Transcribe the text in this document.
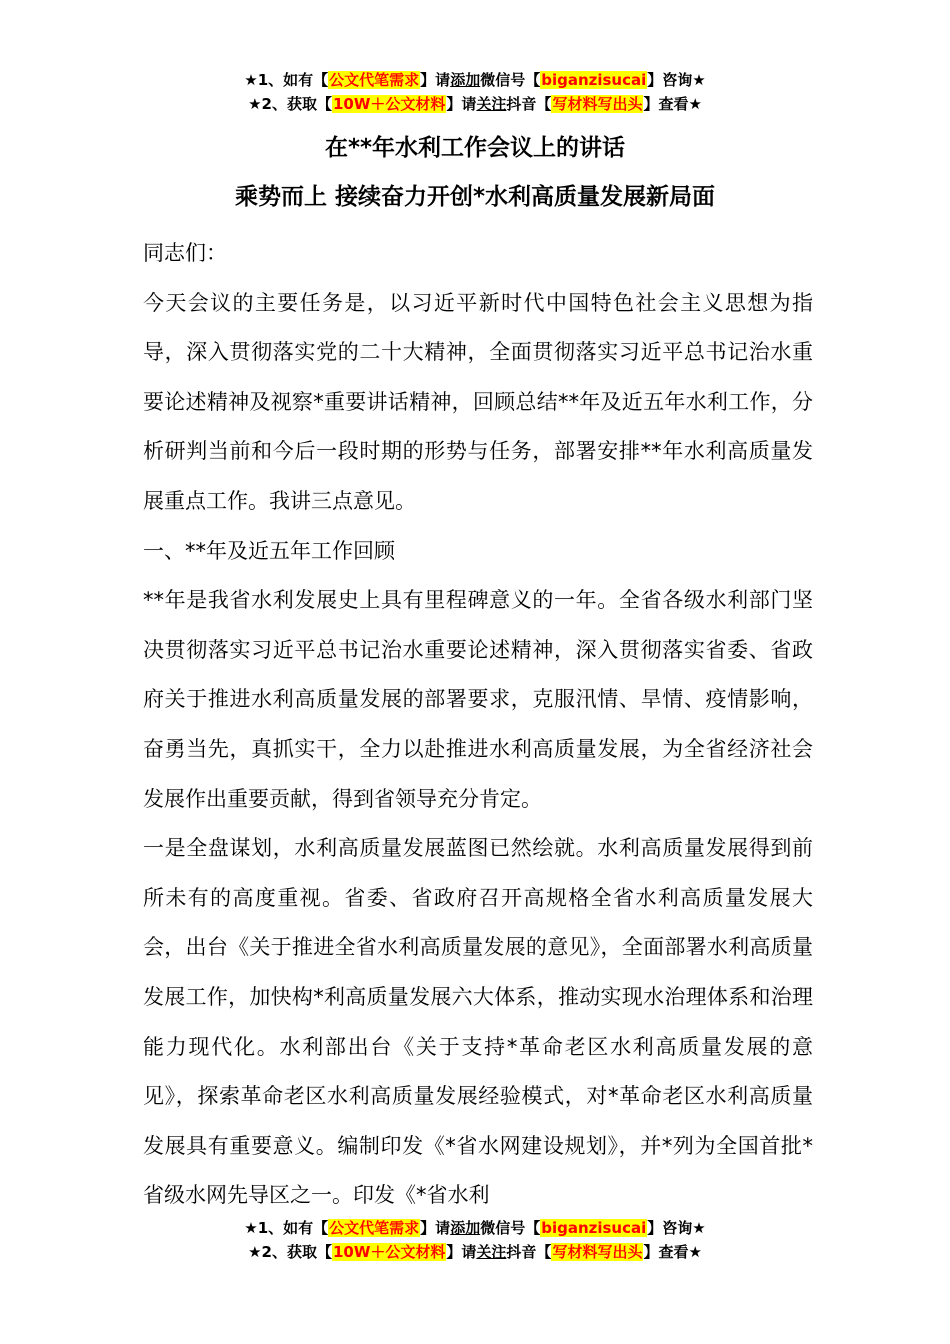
★1、如有【公文代笔需求】请添加微信号【biganzisucai】咨询★
★2、获取【10W＋公文材料】请关注抖音【写材料写出头】查看★
在**年水利工作会议上的讲话
乘势而上 接续奋力开创*水利高质量发展新局面

同志们：

今天会议的主要任务是，以习近平新时代中国特色社会主义思想为指导，深入贯彻落实党的二十大精神，全面贯彻落实习近平总书记治水重要论述精神及视察*重要讲话精神，回顾总结**年及近五年水利工作，分析研判当前和今后一段时期的形势与任务，部署安排**年水利高质量发展重点工作。我讲三点意见。

一、**年及近五年工作回顾

**年是我省水利发展史上具有里程碑意义的一年。全省各级水利部门坚决贯彻落实习近平总书记治水重要论述精神，深入贯彻落实省委、省政府关于推进水利高质量发展的部署要求，克服汛情、旱情、疫情影响，奋勇当先，真抓实干，全力以赴推进水利高质量发展，为全省经济社会发展作出重要贡献，得到省领导充分肯定。

一是全盘谋划，水利高质量发展蓝图已然绘就。水利高质量发展得到前所未有的高度重视。省委、省政府召开高规格全省水利高质量发展大会，出台《关于推进全省水利高质量发展的意见》，全面部署水利高质量发展工作，加快构*利高质量发展六大体系，推动实现水治理体系和治理能力现代化。水利部出台《关于支持*革命老区水利高质量发展的意见》，探索革命老区水利高质量发展经验模式，对*革命老区水利高质量发展具有重要意义。编制印发《*省水网建设规划》，并*列为全国首批*省级水网先导区之一。印发《*省水利

★1、如有【公文代笔需求】请添加微信号【biganzisucai】咨询★
★2、获取【10W＋公文材料】请关注抖音【写材料写出头】查看★
